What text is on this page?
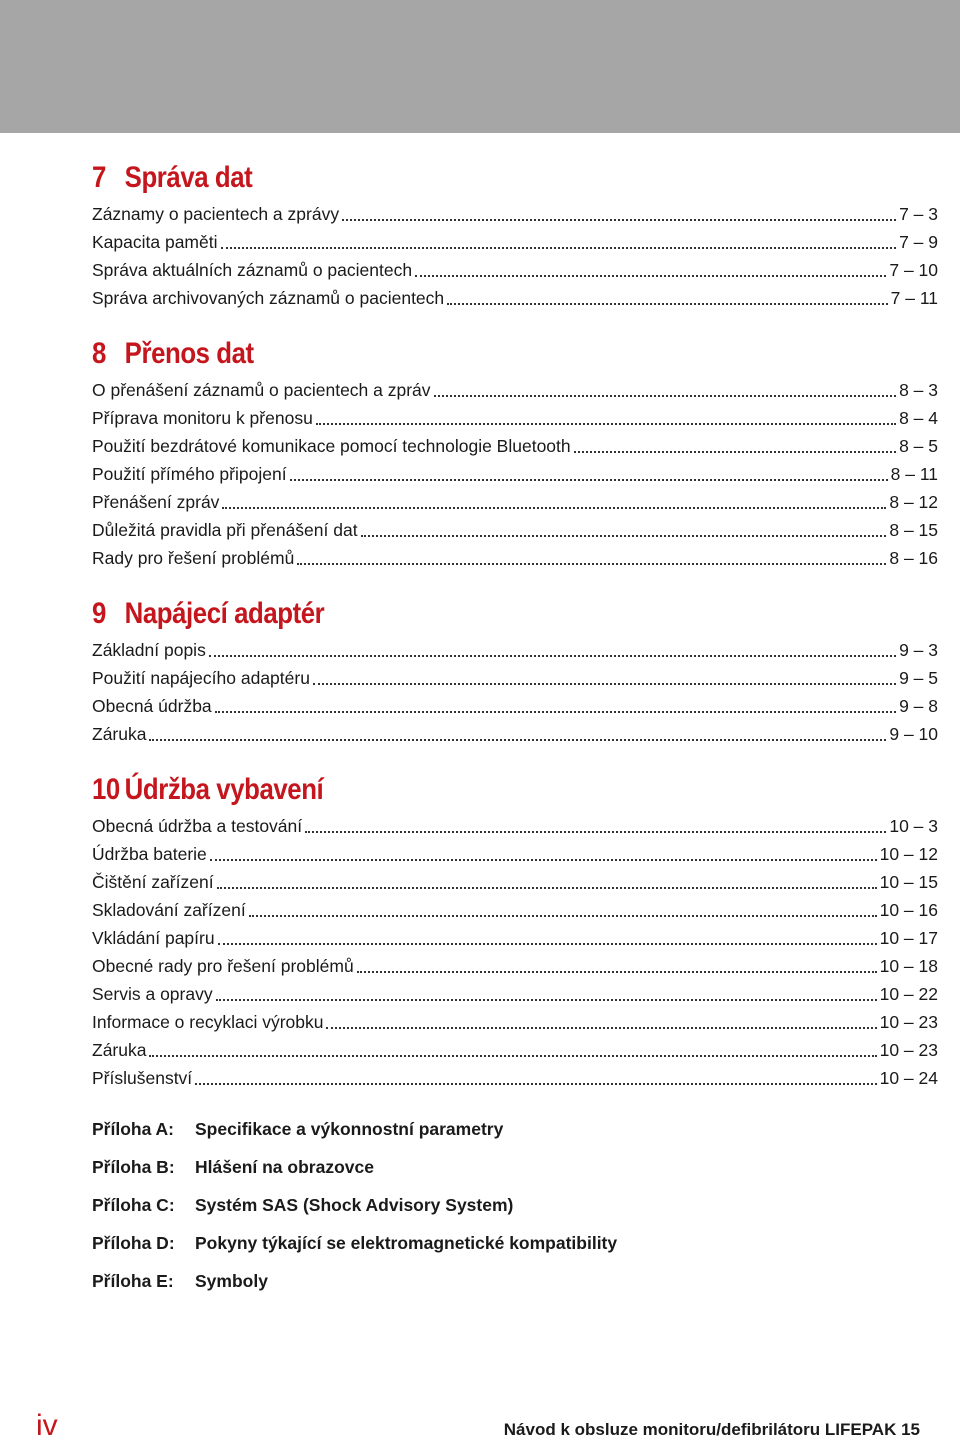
7 Správa dat
Záznamy o pacientech a zprávy	7 – 3
Kapacita paměti	7 – 9
Správa aktuálních záznamů o pacientech	7 – 10
Správa archivovaných záznamů o pacientech	7 – 11
8 Přenos dat
O přenášení záznamů o pacientech a zpráv	8 – 3
Příprava monitoru k přenosu	8 – 4
Použití bezdrátové komunikace pomocí technologie Bluetooth	8 – 5
Použití přímého připojení	8 – 11
Přenášení zpráv	8 – 12
Důležitá pravidla při přenášení dat	8 – 15
Rady pro řešení problémů	8 – 16
9 Napájecí adaptér
Základní popis	9 – 3
Použití napájecího adaptéru	9 – 5
Obecná údržba	9 – 8
Záruka	9 – 10
10 Údržba vybavení
Obecná údržba a testování	10 – 3
Údržba baterie	10 – 12
Čištění zařízení	10 – 15
Skladování zařízení	10 – 16
Vkládání papíru	10 – 17
Obecné rady pro řešení problémů	10 – 18
Servis a opravy	10 – 22
Informace o recyklaci výrobku	10 – 23
Záruka	10 – 23
Příslušenství	10 – 24
Příloha A:	Specifikace a výkonnostní parametry
Příloha B:	Hlášení na obrazovce
Příloha C:	Systém SAS (Shock Advisory System)
Příloha D:	Pokyny týkající se elektromagnetické kompatibility
Příloha E:	Symboly
iv	Návod k obsluze monitoru/defibrilátoru LIFEPAK 15
